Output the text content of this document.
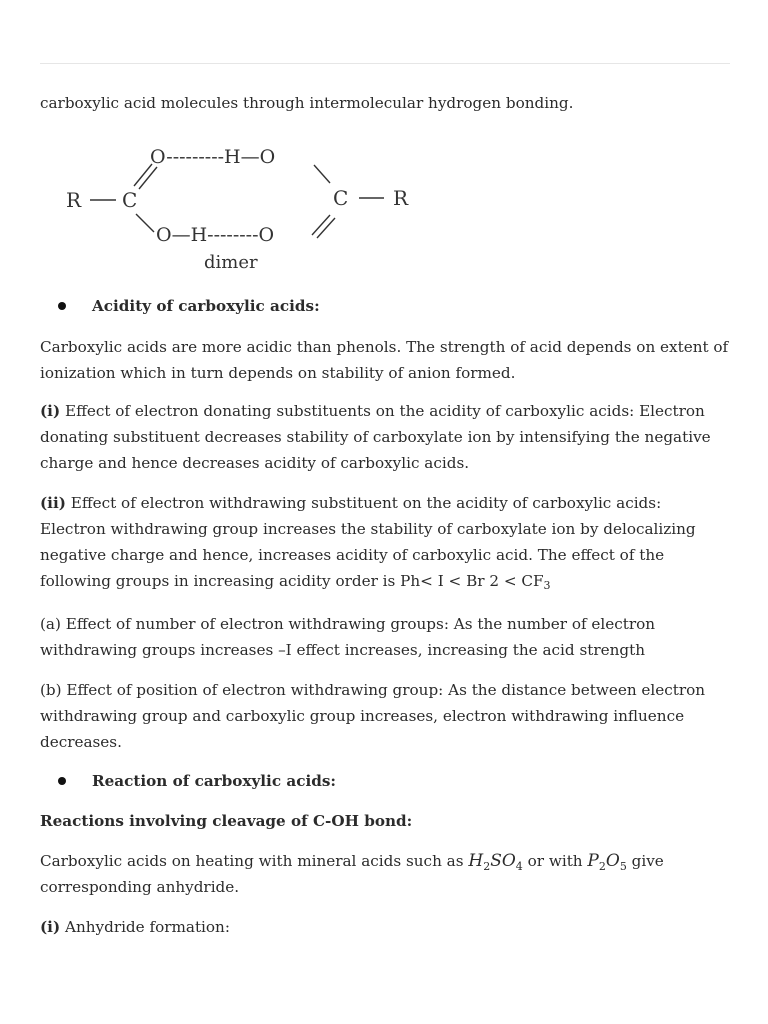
carboxylic acid molecules through intermolecular hydrogen bonding.

R C
O---------H—O
C R
O—H--------O
dimer
Acidity of carboxylic acids:

Carboxylic acids are more acidic than phenols. The strength of acid depends on extent of ionization which in turn depends on stability of anion formed.

(i) Effect of electron donating substituents on the acidity of carboxylic acids: Electron donating substituent decreases stability of carboxylate ion by intensifying the negative charge and hence decreases acidity of carboxylic acids.

(ii) Effect of electron withdrawing substituent on the acidity of carboxylic acids: Electron withdrawing group increases the stability of carboxylate ion by delocalizing negative charge and hence, increases acidity of carboxylic acid. The effect of the following groups in increasing acidity order is Ph< I < Br $2 < CF_3$

(a) Effect of number of electron withdrawing groups: As the number of electron withdrawing groups increases –I effect increases, increasing the acid strength

(b) Effect of position of electron withdrawing group: As the distance between electron withdrawing group and carboxylic group increases, electron withdrawing influence decreases.

Reaction of carboxylic acids:

Reactions involving cleavage of C-OH bond:

Carboxylic acids on heating with mineral acids such as $H_2SO_4$ or with $P_2O_5$ give corresponding anhydride.

(i) Anhydride formation:
